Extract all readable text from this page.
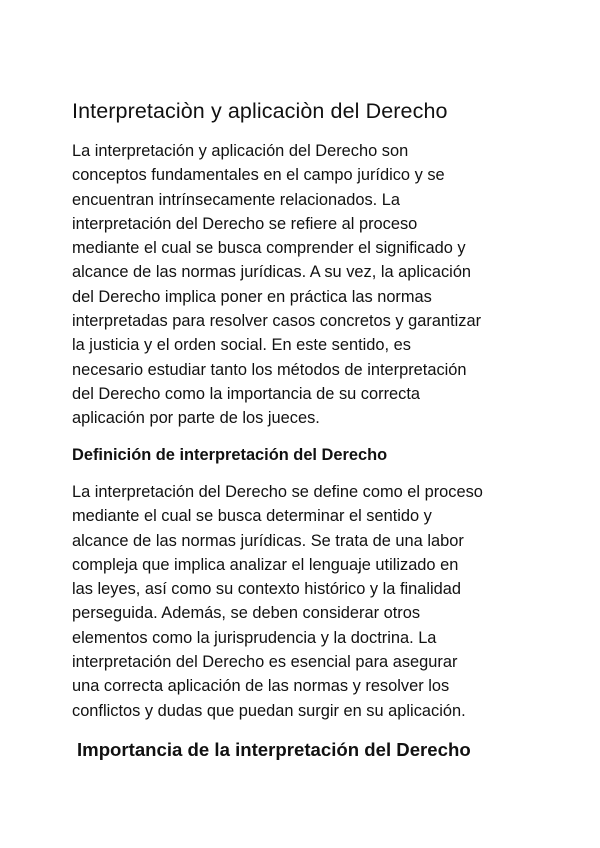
Interpretaciòn y aplicaciòn del Derecho

La interpretación y aplicación del Derecho son
conceptos fundamentales en el campo jurídico y se
encuentran intrínsecamente relacionados. La
interpretación del Derecho se refiere al proceso
mediante el cual se busca comprender el significado y
alcance de las normas jurídicas. A su vez, la aplicación
del Derecho implica poner en práctica las normas
interpretadas para resolver casos concretos y garantizar
la justicia y el orden social. En este sentido, es
necesario estudiar tanto los métodos de interpretación
del Derecho como la importancia de su correcta
aplicación por parte de los jueces.

Definición de interpretación del Derecho

La interpretación del Derecho se define como el proceso
mediante el cual se busca determinar el sentido y
alcance de las normas jurídicas. Se trata de una labor
compleja que implica analizar el lenguaje utilizado en
las leyes, así como su contexto histórico y la finalidad
perseguida. Además, se deben considerar otros
elementos como la jurisprudencia y la doctrina. La
interpretación del Derecho es esencial para asegurar
una correcta aplicación de las normas y resolver los
conflictos y dudas que puedan surgir en su aplicación.

Importancia de la interpretación del Derecho
